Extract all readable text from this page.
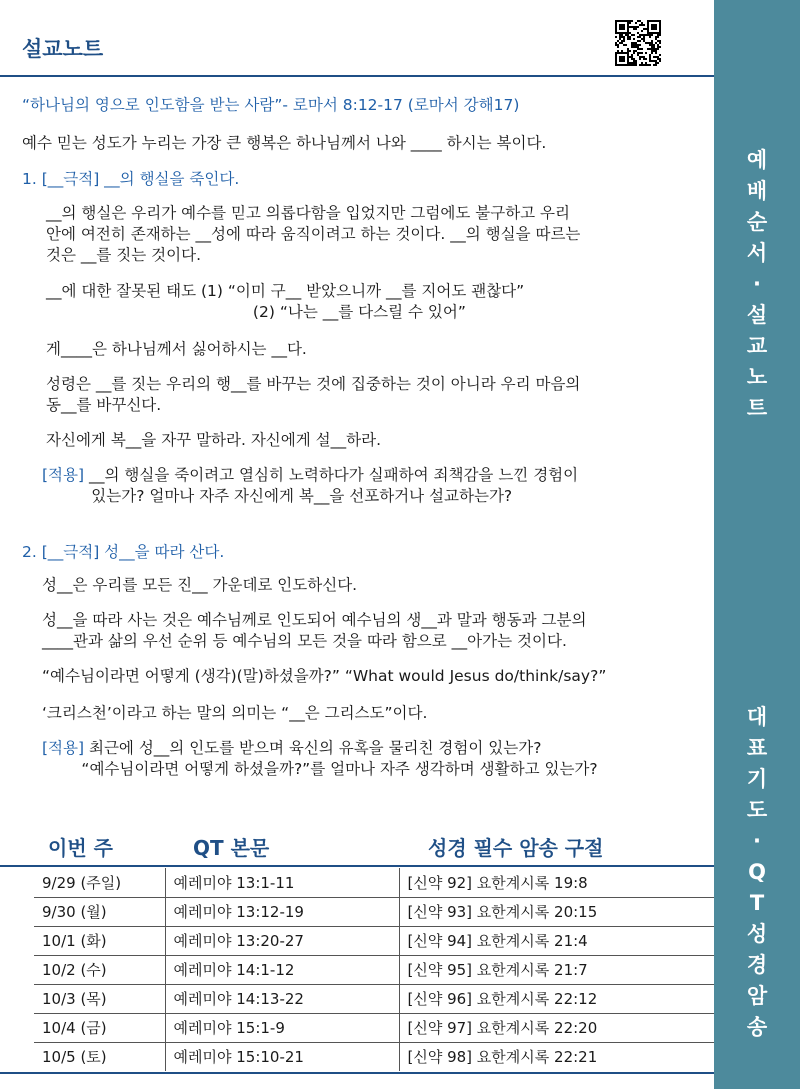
예
배
순
서
·
설
교
노
트
대
표
기
도
·
Q
T
성
경
암
송
설교노트
“하나님의 영으로 인도함을 받는 사람”- 로마서 8:12-17 (로마서 강해17)
예수 믿는 성도가 누리는 가장 큰 행복은 하나님께서 나와 ____ 하시는 복이다.
1. [__극적] __의 행실을 죽인다.
__의 행실은 우리가 예수를 믿고 의롭다함을 입었지만 그럼에도 불구하고 우리
안에 여전히 존재하는 __성에 따라 움직이려고 하는 것이다. __의 행실을 따르는
것은 __를 짓는 것이다.
__에 대한 잘못된 태도 (1) “이미 구__ 받았으니까 __를 지어도 괜찮다”
(2) “나는 __를 다스릴 수 있어”
게____은 하나님께서 싫어하시는 __다.
성령은 __를 짓는 우리의 행__를 바꾸는 것에 집중하는 것이 아니라 우리 마음의
동__를 바꾸신다.
자신에게 복__을 자꾸 말하라. 자신에게 설__하라.
[적용] __의 행실을 죽이려고 열심히 노력하다가 실패하여 죄책감을 느낀 경험이
있는가? 얼마나 자주 자신에게 복__을 선포하거나 설교하는가?
2. [__극적] 성__을 따라 산다.
성__은 우리를 모든 진__ 가운데로 인도하신다.
성__을 따라 사는 것은 예수님께로 인도되어 예수님의 생__과 말과 행동과 그분의
____관과 삶의 우선 순위 등 예수님의 모든 것을 따라 함으로 __아가는 것이다.
“예수님이라면 어떻게 (생각)(말)하셨을까?” “What would Jesus do/think/say?”
‘크리스천’이라고 하는 말의 의미는 “__은 그리스도”이다.
[적용] 최근에 성__의 인도를 받으며 육신의 유혹을 물리친 경험이 있는가?
“예수님이라면 어떻게 하셨을까?”를 얼마나 자주 생각하며 생활하고 있는가?
이번 주	QT 본문	성경 필수 암송 구절
9/29 (주일)	예레미야 13:1-11	[신약 92] 요한계시록 19:8
9/30 (월)	예레미야 13:12-19	[신약 93] 요한계시록 20:15
10/1 (화)	예레미야 13:20-27	[신약 94] 요한계시록 21:4
10/2 (수)	예레미야 14:1-12	[신약 95] 요한계시록 21:7
10/3 (목)	예레미야 14:13-22	[신약 96] 요한계시록 22:12
10/4 (금)	예레미야 15:1-9	[신약 97] 요한계시록 22:20
10/5 (토)	예레미야 15:10-21	[신약 98] 요한계시록 22:21
